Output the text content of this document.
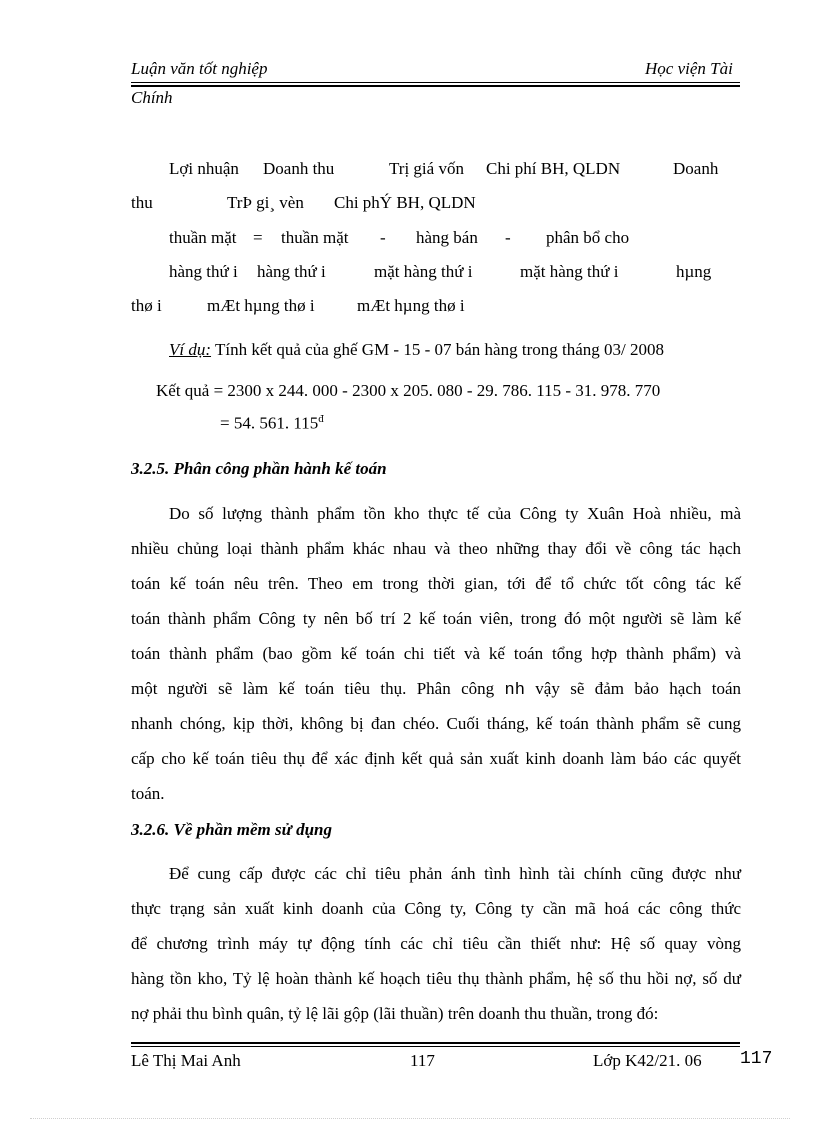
Luận văn tốt nghiệp	Học viện Tài
Chính
Lợi nhuận Doanh thu	Trị giá vốn Chi phí BH, QLDN	Doanh
thu	TrÞ gi¸ vèn Chi phÝ BH, QLDN
thuần mặt = thuần mặt - hàng bán - phân bổ cho
hàng thứ i hàng thứ i	mặt hàng thứ i	mặt hàng thứ i	hµng
thø i	mÆt hµng thø i mÆt hµng thø i
Ví dụ: Tính kết quả của ghế GM - 15 - 07 bán hàng trong tháng 03/ 2008
Kết quả = 2300 x 244. 000 - 2300 x 205. 080 - 29. 786. 115 - 31. 978. 770
= 54. 561. $115^đ$
3.2.5. Phân công phần hành kế toán
Do số lượng thành phẩm tồn kho thực tế của Công ty Xuân Hoà nhiều, mà
nhiều chủng loại thành phẩm khác nhau và theo những thay đổi về công tác hạch
toán kế toán nêu trên. Theo em trong thời gian, tới để tổ chức tốt công tác kế
toán thành phẩm Công ty nên bố trí 2 kế toán viên, trong đó một người sẽ làm kế
toán thành phẩm (bao gồm kế toán chi tiết và kế toán tổng hợp thành phẩm) và
một người sẽ làm kế toán tiêu thụ. Phân công nh vậy sẽ đảm bảo hạch toán
nhanh chóng, kịp thời, không bị đan chéo. Cuối tháng, kế toán thành phẩm sẽ cung
cấp cho kế toán tiêu thụ để xác định kết quả sản xuất kinh doanh làm báo các quyết
toán.
3.2.6. Về phần mềm sử dụng
Để cung cấp được các chỉ tiêu phản ánh tình hình tài chính cũng được như
thực trạng sản xuất kinh doanh của Công ty, Công ty cần mã hoá các công thức
để chương trình máy tự động tính các chỉ tiêu cần thiết như: Hệ số quay vòng
hàng tồn kho, Tỷ lệ hoàn thành kế hoạch tiêu thụ thành phẩm, hệ số thu hồi nợ, số dư
nợ phải thu bình quân, tỷ lệ lãi gộp (lãi thuần) trên doanh thu thuần, trong đó:
Lê Thị Mai Anh	117	Lớp K42/21. 06 117
